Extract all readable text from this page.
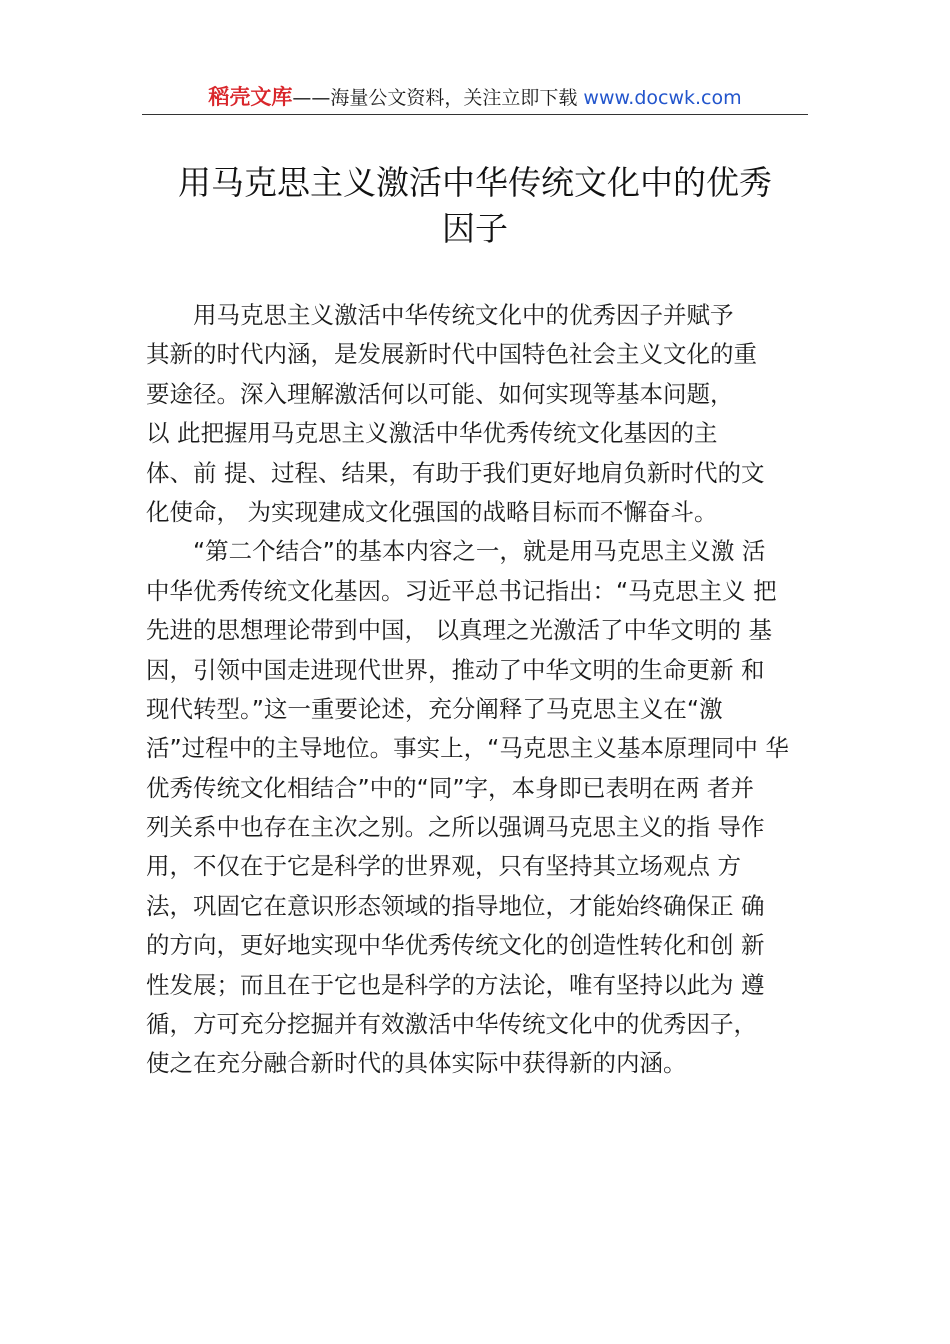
稻壳文库——海量公文资料，关注立即下载 www.docwk.com
用马克思主义激活中华传统文化中的优秀
因子
用马克思主义激活中华传统文化中的优秀因子并赋予
其新的时代内涵，是发展新时代中国特色社会主义文化的重
要途径。深入理解激活何以可能、如何实现等基本问题，
以 此把握用马克思主义激活中华优秀传统文化基因的主
体、前 提、过程、结果，有助于我们更好地肩负新时代的文
化使命， 为实现建成文化强国的战略目标而不懈奋斗。
“第二个结合”的基本内容之一，就是用马克思主义激 活
中华优秀传统文化基因。习近平总书记指出：“马克思主义 把
先进的思想理论带到中国， 以真理之光激活了中华文明的 基
因，引领中国走进现代世界，推动了中华文明的生命更新 和
现代转型。”这一重要论述，充分阐释了马克思主义在“激
活”过程中的主导地位。事实上，“马克思主义基本原理同中 华
优秀传统文化相结合”中的“同”字，本身即已表明在两 者并
列关系中也存在主次之别。之所以强调马克思主义的指 导作
用，不仅在于它是科学的世界观，只有坚持其立场观点 方
法，巩固它在意识形态领域的指导地位，才能始终确保正 确
的方向，更好地实现中华优秀传统文化的创造性转化和创 新
性发展；而且在于它也是科学的方法论，唯有坚持以此为 遵
循，方可充分挖掘并有效激活中华传统文化中的优秀因子，
使之在充分融合新时代的具体实际中获得新的内涵。
